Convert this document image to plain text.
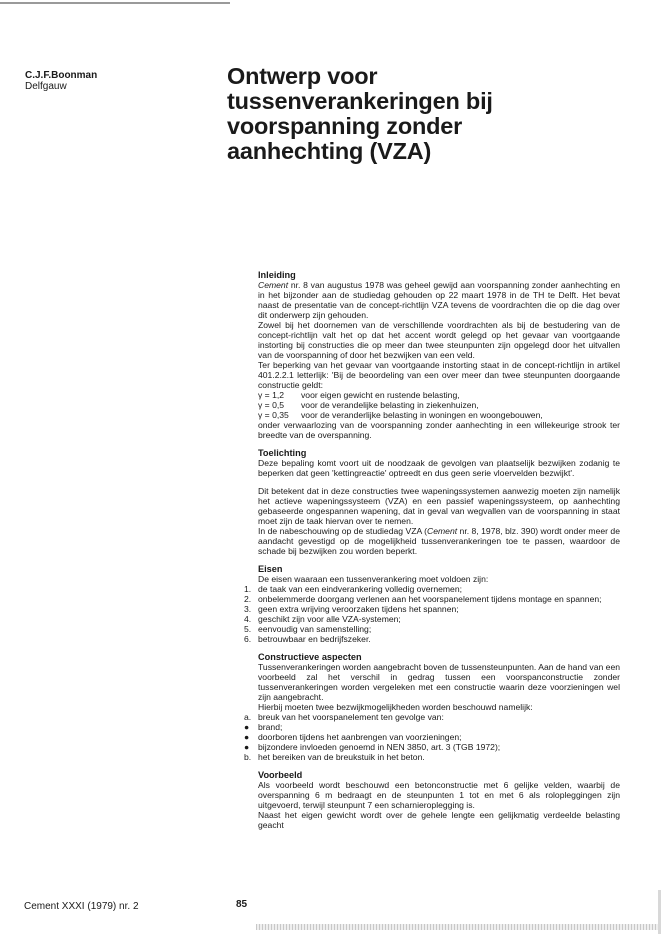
C.J.F.Boonman
Delfgauw	Ontwerp voor
tussenverankeringen bij
voorspanning zonder
aanhechting (VZA)
Inleiding

Cement nr. 8 van augustus 1978 was geheel gewijd aan voorspanning zonder aanhechting en in het bijzonder aan de studiedag gehouden op 22 maart 1978 in de TH te Delft. Het bevat naast de presentatie van de concept-richtlijn VZA tevens de voordrachten die op die dag over dit onderwerp zijn gehouden.

Zowel bij het doornemen van de verschillende voordrachten als bij de bestudering van de concept-richtlijn valt het op dat het accent wordt gelegd op het gevaar van voortgaande instorting bij constructies die op meer dan twee steunpunten zijn opgelegd door het uitvallen van de voorspanning of door het bezwijken van een veld.

Ter beperking van het gevaar van voortgaande instorting staat in de concept-richtlijn in artikel 401.2.2.1 letterlijk: 'Bij de beoordeling van een over meer dan twee steunpunten doorgaande constructie geldt:

γ = 1,2	voor eigen gewicht en rustende belasting,
γ = 0,5	voor de verandelijke belasting in ziekenhuizen,
γ = 0,35	voor de veranderlijke belasting in woningen en woongebouwen,

onder verwaarlozing van de voorspanning zonder aanhechting in een willekeurige strook ter breedte van de overspanning.

Toelichting

Deze bepaling komt voort uit de noodzaak de gevolgen van plaatselijk bezwijken zodanig te beperken dat geen 'kettingreactie' optreedt en dus geen serie vloervelden bezwijkt'.

Dit betekent dat in deze constructies twee wapeningssystemen aanwezig moeten zijn namelijk het actieve wapeningssysteem (VZA) en een passief wapeningssysteem, op aanhechting gebaseerde ongespannen wapening, dat in geval van wegvallen van de voorspanning in staat moet zijn de taak hiervan over te nemen.

In de nabeschouwing op de studiedag VZA (Cement nr. 8, 1978, blz. 390) wordt onder meer de aandacht gevestigd op de mogelijkheid tussenverankeringen toe te passen, waardoor de schade bij bezwijken zou worden beperkt.

Eisen

De eisen waaraan een tussenverankering moet voldoen zijn:

1. de taak van een eindverankering volledig overnemen;
2. onbelemmerde doorgang verlenen aan het voorspanelement tijdens montage en spannen;
3. geen extra wrijving veroorzaken tijdens het spannen;
4. geschikt zijn voor alle VZA-systemen;
5. eenvoudig van samenstelling;
6. betrouwbaar en bedrijfszeker.
Constructieve aspecten

Tussenverankeringen worden aangebracht boven de tussensteunpunten. Aan de hand van een voorbeeld zal het verschil in gedrag tussen een voorspanconstructie zonder tussenverankeringen worden vergeleken met een constructie waarin deze voorzieningen wel zijn aangebracht.

Hierbij moeten twee bezwijkmogelijkheden worden beschouwd namelijk:

a. breuk van het voorspanelement ten gevolge van:
●	brand;
●	doorboren tijdens het aanbrengen van voorzieningen;
●	bijzondere invloeden genoemd in NEN 3850, art. 3 (TGB 1972);
b. het bereiken van de breukstuik in het beton.
Voorbeeld

Als voorbeeld wordt beschouwd een betonconstructie met 6 gelijke velden, waarbij de overspanning 6 m bedraagt en de steunpunten 1 tot en met 6 als rolopleggingen zijn uitgevoerd, terwijl steunpunt 7 een scharnieroplegging is.

Naast het eigen gewicht wordt over de gehele lengte een gelijkmatig verdeelde belasting geacht

Cement XXXI (1979) nr. 2	85
